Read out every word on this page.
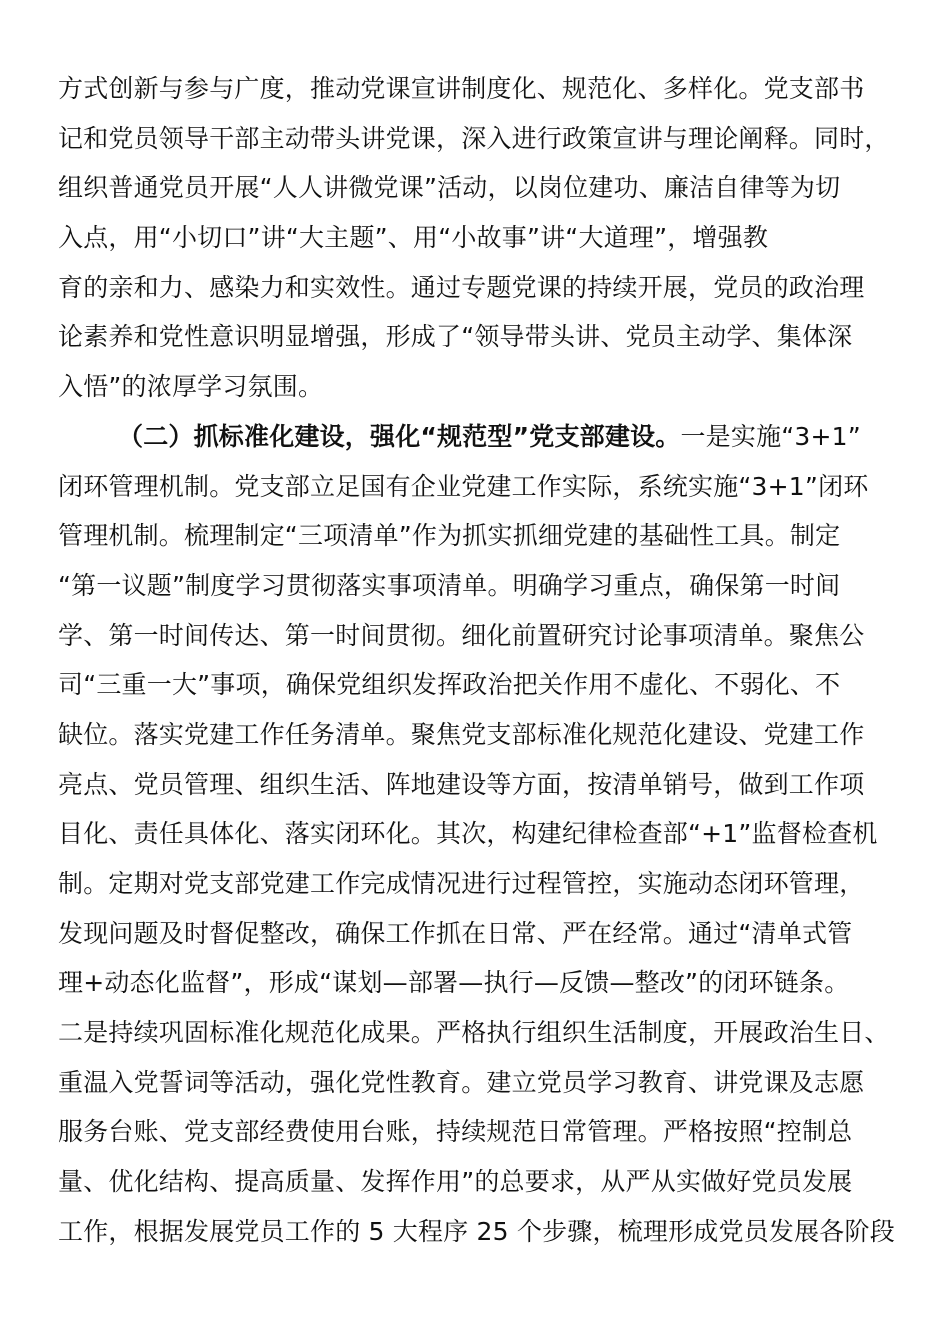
方式创新与参与广度，推动党课宣讲制度化、规范化、多样化。党支部书
记和党员领导干部主动带头讲党课，深入进行政策宣讲与理论阐释。同时，
组织普通党员开展“人人讲微党课”活动，以岗位建功、廉洁自律等为切
入点，用“小切口”讲“大主题”、用“小故事”讲“大道理”，增强教
育的亲和力、感染力和实效性。通过专题党课的持续开展，党员的政治理
论素养和党性意识明显增强，形成了“领导带头讲、党员主动学、集体深
入悟”的浓厚学习氛围。
（二）抓标准化建设，强化“规范型”党支部建设。一是实施“3+1”
闭环管理机制。党支部立足国有企业党建工作实际，系统实施“3+1”闭环
管理机制。梳理制定“三项清单”作为抓实抓细党建的基础性工具。制定
“第一议题”制度学习贯彻落实事项清单。明确学习重点，确保第一时间
学、第一时间传达、第一时间贯彻。细化前置研究讨论事项清单。聚焦公
司“三重一大”事项，确保党组织发挥政治把关作用不虚化、不弱化、不
缺位。落实党建工作任务清单。聚焦党支部标准化规范化建设、党建工作
亮点、党员管理、组织生活、阵地建设等方面，按清单销号，做到工作项
目化、责任具体化、落实闭环化。其次，构建纪律检查部“+1”监督检查机
制。定期对党支部党建工作完成情况进行过程管控，实施动态闭环管理，
发现问题及时督促整改，确保工作抓在日常、严在经常。通过“清单式管
理+动态化监督”，形成“谋划—部署—执行—反馈—整改”的闭环链条。
二是持续巩固标准化规范化成果。严格执行组织生活制度，开展政治生日、
重温入党誓词等活动，强化党性教育。建立党员学习教育、讲党课及志愿
服务台账、党支部经费使用台账，持续规范日常管理。严格按照“控制总
量、优化结构、提高质量、发挥作用”的总要求，从严从实做好党员发展
工作，根据发展党员工作的 5 大程序 25 个步骤，梳理形成党员发展各阶段
